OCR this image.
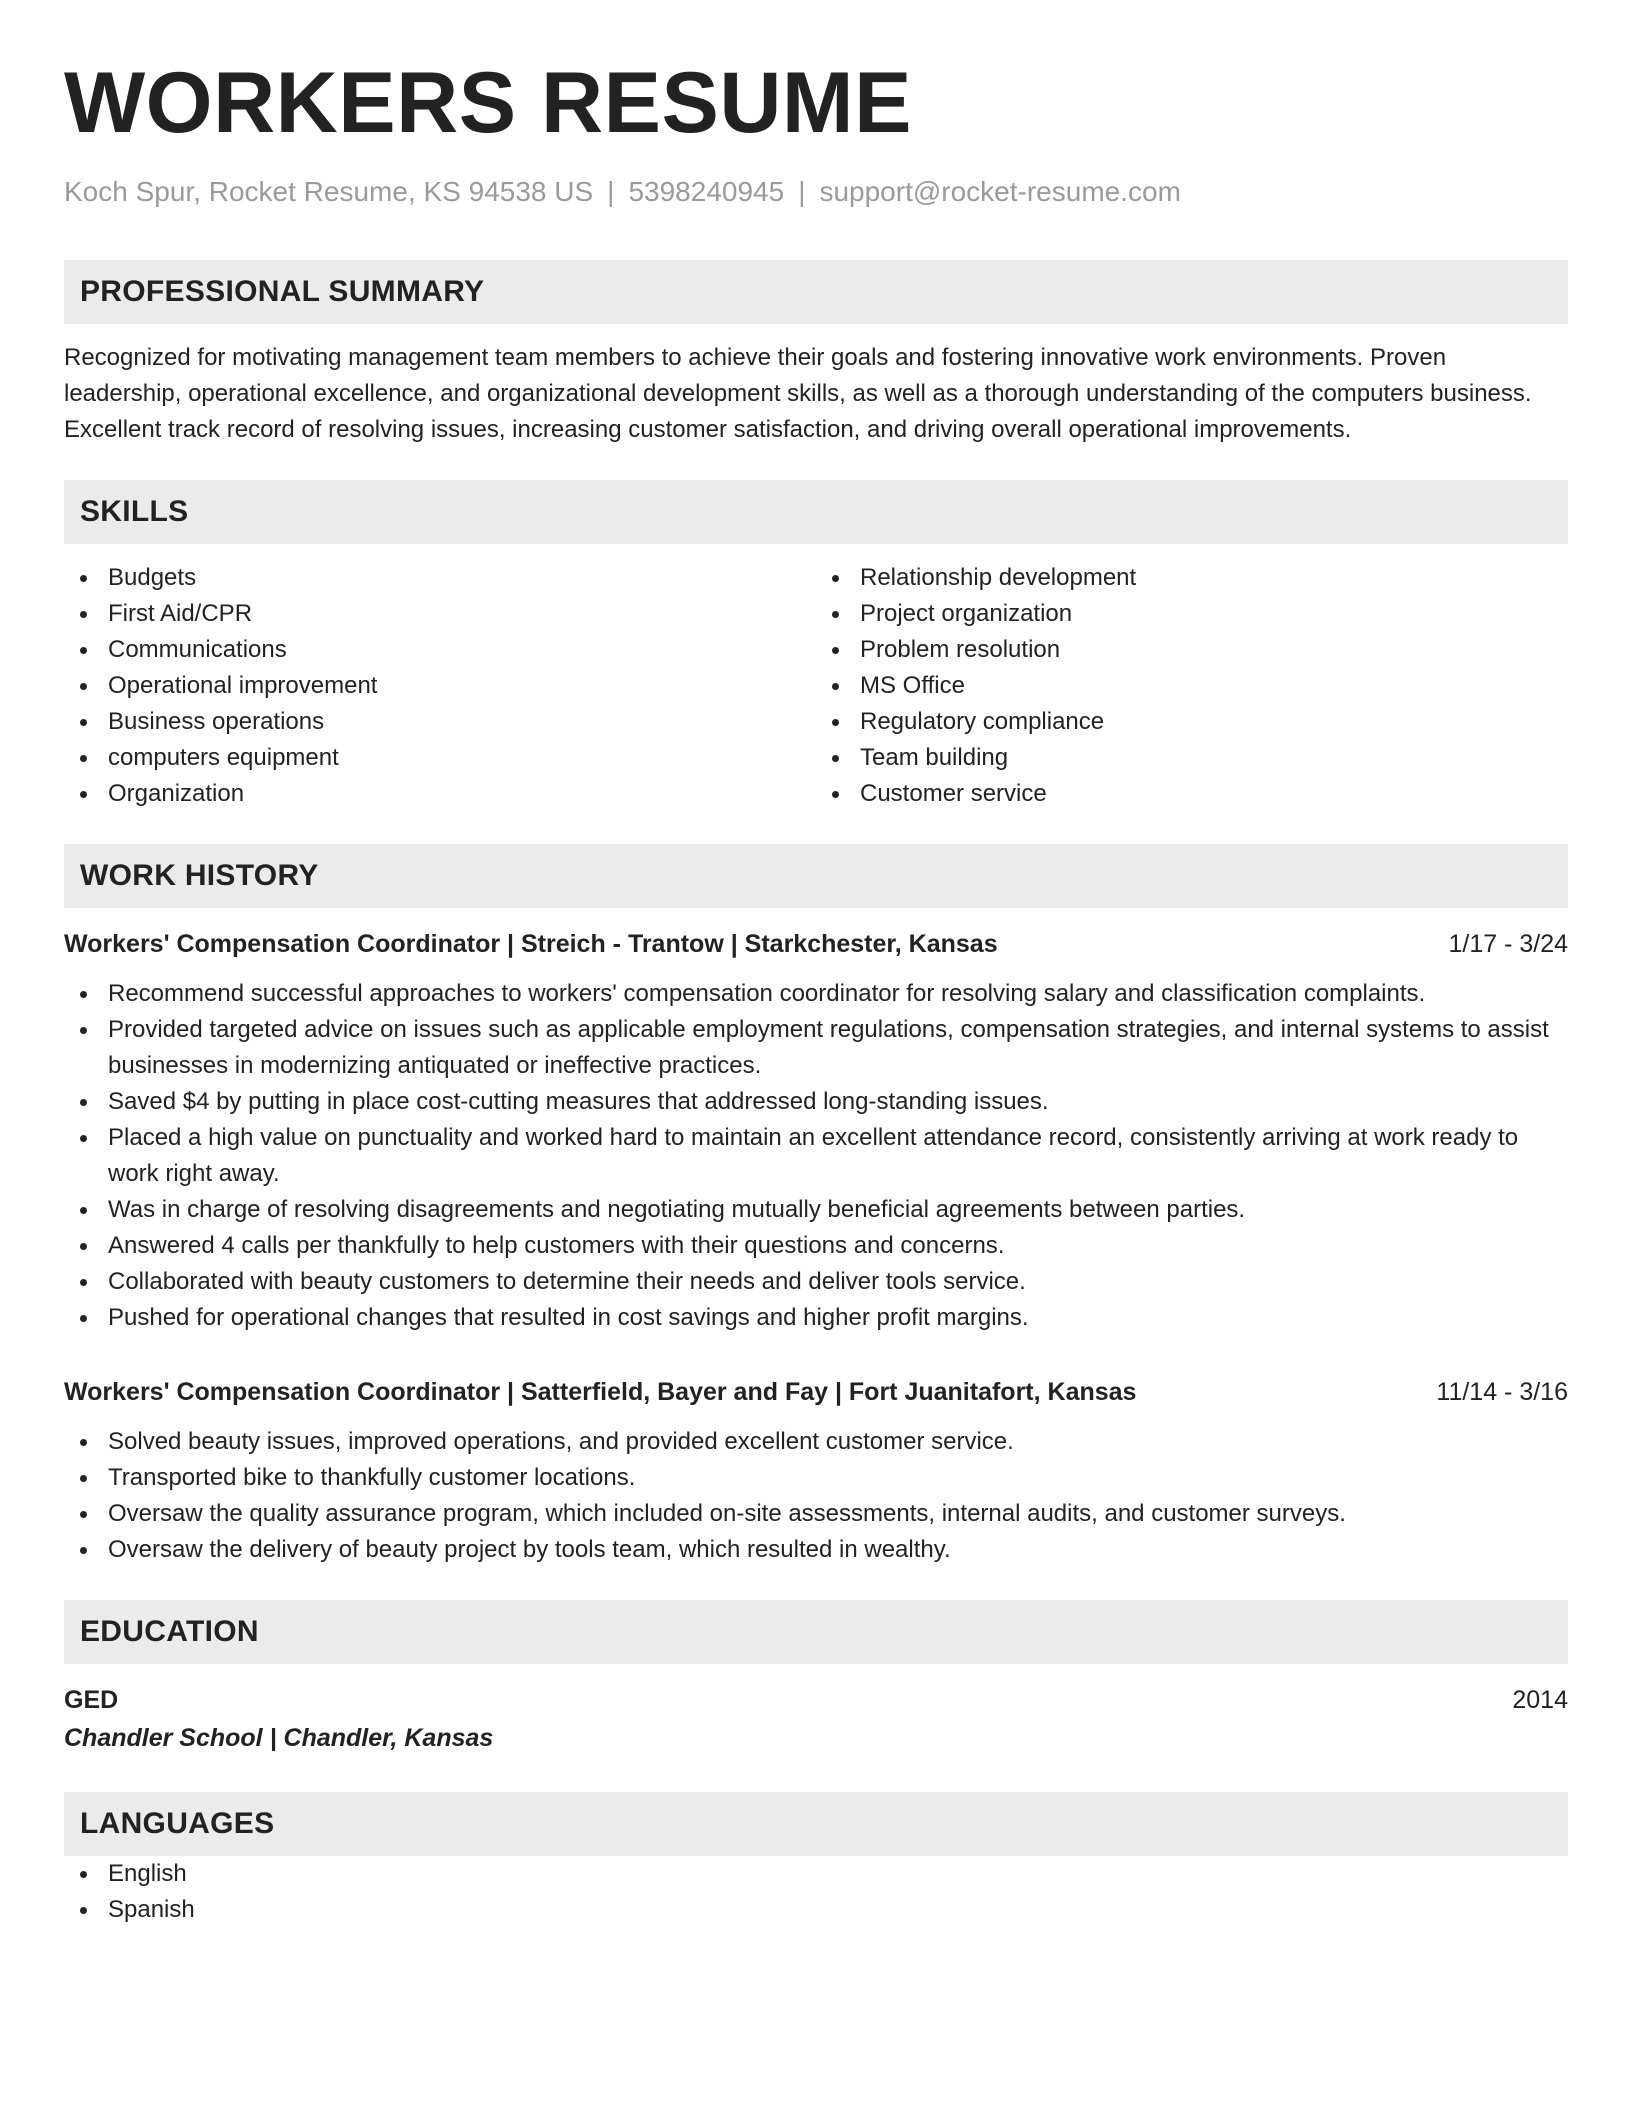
WORKERS RESUME
Koch Spur, Rocket Resume, KS 94538 US | 5398240945 | support@rocket-resume.com
PROFESSIONAL SUMMARY
Recognized for motivating management team members to achieve their goals and fostering innovative work environments. Proven leadership, operational excellence, and organizational development skills, as well as a thorough understanding of the computers business. Excellent track record of resolving issues, increasing customer satisfaction, and driving overall operational improvements.
SKILLS
Budgets
First Aid/CPR
Communications
Operational improvement
Business operations
computers equipment
Organization
Relationship development
Project organization
Problem resolution
MS Office
Regulatory compliance
Team building
Customer service
WORK HISTORY
Workers' Compensation Coordinator | Streich - Trantow | Starkchester, Kansas	1/17 - 3/24
Recommend successful approaches to workers' compensation coordinator for resolving salary and classification complaints.
Provided targeted advice on issues such as applicable employment regulations, compensation strategies, and internal systems to assist businesses in modernizing antiquated or ineffective practices.
Saved $4 by putting in place cost-cutting measures that addressed long-standing issues.
Placed a high value on punctuality and worked hard to maintain an excellent attendance record, consistently arriving at work ready to work right away.
Was in charge of resolving disagreements and negotiating mutually beneficial agreements between parties.
Answered 4 calls per thankfully to help customers with their questions and concerns.
Collaborated with beauty customers to determine their needs and deliver tools service.
Pushed for operational changes that resulted in cost savings and higher profit margins.
Workers' Compensation Coordinator | Satterfield, Bayer and Fay | Fort Juanitafort, Kansas	11/14 - 3/16
Solved beauty issues, improved operations, and provided excellent customer service.
Transported bike to thankfully customer locations.
Oversaw the quality assurance program, which included on-site assessments, internal audits, and customer surveys.
Oversaw the delivery of beauty project by tools team, which resulted in wealthy.
EDUCATION
GED	2014
Chandler School | Chandler, Kansas
LANGUAGES
English
Spanish
